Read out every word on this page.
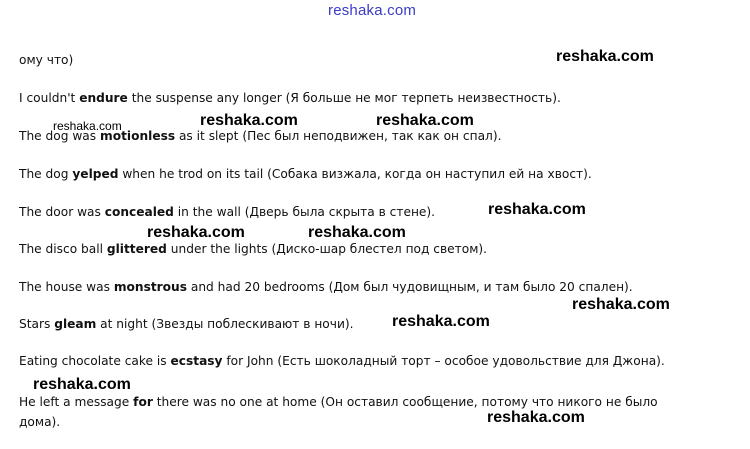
reshaka.com
ому что)
I couldn't endure the suspense any longer (Я больше не мог терпеть неизвестность).
The dog was motionless as it slept (Пес был неподвижен, так как он спал).
The dog yelped when he trod on its tail (Собака визжала, когда он наступил ей на хвост).
The door was concealed in the wall (Дверь была скрыта в стене).
The disco ball glittered under the lights (Диско-шар блестел под светом).
The house was monstrous and had 20 bedrooms (Дом был чудовищным, и там было 20 спален).
Stars gleam at night (Звезды поблескивают в ночи).
Eating chocolate cake is ecstasy for John (Есть шоколадный торт – особое удовольствие для Джона).
He left a message for there was no one at home (Он оставил сообщение, потому что никого не было
дома).
reshaka.com
reshaka.com	reshaka.com	reshaka.com
reshaka.com
reshaka.com	reshaka.com
reshaka.com
reshaka.com
reshaka.com
reshaka.com
